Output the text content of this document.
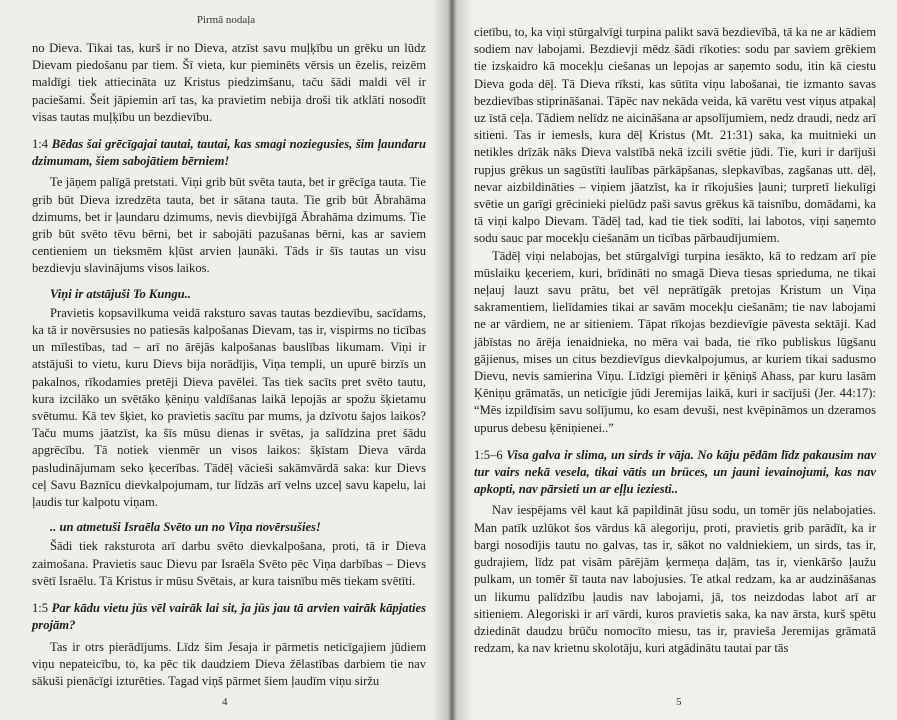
Pirmā nodaļa

no Dieva. Tikai tas, kurš ir no Dieva, atzīst savu muļķību un grēku un lūdz Dievam piedošanu par tiem. Šī vieta, kur pieminēts vērsis un ēzelis, reizēm maldīgi tiek attiecināta uz Kristus piedzimšanu, taču šādi maldi vēl ir paciešami. Šeit jāpiemin arī tas, ka pravietim nebija droši tik atklāti nosodīt visas tautas muļķību un bezdievību.

1:4 Bēdas šai grēcīgajai tautai, tautai, kas smagi noziegusies, šim ļaundaru dzimumam, šiem sabojātiem bērniem!

Te jāņem palīgā pretstati. Viņi grib būt svēta tauta, bet ir grēcīga tauta. Tie grib būt Dieva izredzēta tauta, bet ir sātana tauta. Tie grib būt Ābrahāma dzimums, bet ir ļaundaru dzimums, nevis dievbijīgā Ābrahāma dzimums. Tie grib būt svēto tēvu bērni, bet ir sabojāti pazušanas bērni, kas ar saviem centieniem un tieksmēm kļūst arvien ļaunāki. Tāds ir šīs tautas un visu bezdievju slavinājums visos laikos.

Viņi ir atstājuši To Kungu..

Pravietis kopsavilkuma veidā raksturo savas tautas bezdievību, sacīdams, ka tā ir novērsusies no patiesās kalpošanas Dievam, tas ir, vispirms no ticības un mīlestības, tad – arī no ārējās kalpošanas bauslības likumam. Viņi ir atstājuši to vietu, kuru Dievs bija norādījis, Viņa templi, un upurē birzīs un pakalnos, rīkodamies pretēji Dieva pavēlei. Tas tiek sacīts pret svēto tautu, kura izcilāko un svētāko ķēniņu valdīšanas laikā lepojās ar spožu šķietamu svētumu. Kā tev šķiet, ko pravietis sacītu par mums, ja dzīvotu šajos laikos? Taču mums jāatzīst, ka šīs mūsu dienas ir svētas, ja salīdzina pret šādu apgrēcību. Tā notiek vienmēr un visos laikos: šķīstam Dieva vārda pasludinājumam seko ķecerības. Tādēļ vācieši sakāmvārdā saka: kur Dievs ceļ Savu Baznīcu dievkalpojumam, tur līdzās arī velns uzceļ savu kapelu, lai ļaudis tur kalpotu viņam.

.. un atmetuši Israēla Svēto un no Viņa novērsušies!

Šādi tiek raksturota arī darbu svēto dievkalpošana, proti, tā ir Dieva zaimošana. Pravietis sauc Dievu par Israēla Svēto pēc Viņa darbības – Dievs svētī Israēlu. Tā Kristus ir mūsu Svētais, ar kura taisnību mēs tiekam svētīti.

1:5 Par kādu vietu jūs vēl vairāk lai sit, ja jūs jau tā arvien vairāk kāpjaties projām?

Tas ir otrs pierādījums. Līdz šim Jesaja ir pārmetis neticīgajiem jūdiem viņu nepateicību, to, ka pēc tik daudziem Dieva žēlastības darbiem tie nav sākuši pienācīgi izturēties. Tagad viņš pārmet šiem ļaudīm viņu siržu

4

cietību, to, ka viņi stūrgalvīgi turpina palikt savā bezdievībā, tā ka ne ar kādiem sodiem nav labojami. Bezdievji mēdz šādi rīkoties: sodu par saviem grēkiem tie izskaidro kā mocekļu ciešanas un lepojas ar saņemto sodu, itin kā ciestu Dieva goda dēļ. Tā Dieva rīksti, kas sūtīta viņu labošanai, tie izmanto savas bezdievības stiprināšanai. Tāpēc nav nekāda veida, kā varētu vest viņus atpakaļ uz īstā ceļa. Tādiem nelīdz ne aicināšana ar apsolījumiem, nedz draudi, nedz arī sitieni. Tas ir iemesls, kura dēļ Kristus (Mt. 21:31) saka, ka muitnieki un netikles drīzāk nāks Dieva valstībā nekā izcili svētie jūdi. Tie, kuri ir darījuši rupjus grēkus un sagūstīti laulības pārkāpšanas, slepkavības, zagšanas utt. dēļ, nevar aizbildināties – viņiem jāatzīst, ka ir rīkojušies ļauni; turpretī liekulīgi svētie un garīgi grēcinieki pielūdz paši savus grēkus kā taisnību, domādami, ka tā viņi kalpo Dievam. Tādēļ tad, kad tie tiek sodīti, lai labotos, viņi saņemto sodu sauc par mocekļu ciešanām un ticības pārbaudījumiem.

Tādēļ viņi nelabojas, bet stūrgalvīgi turpina iesākto, kā to redzam arī pie mūslaiku ķeceriem, kuri, brīdināti no smagā Dieva tiesas sprieduma, ne tikai neļauj lauzt savu prātu, bet vēl neprātīgāk pretojas Kristum un Viņa sakramentiem, lielīdamies tikai ar savām mocekļu ciešanām; tie nav labojami ne ar vārdiem, ne ar sitieniem. Tāpat rīkojas bezdievīgie pāvesta sektāji. Kad jābīstas no ārēja ienaidnieka, no mēra vai bada, tie rīko publiskus lūgšanu gājienus, mises un citus bezdievīgus dievkalpojumus, ar kuriem tikai sadusmo Dievu, nevis samierina Viņu. Līdzīgi piemēri ir ķēniņš Ahass, par kuru lasām Ķēniņu grāmatās, un neticīgie jūdi Jeremijas laikā, kuri ir sacījuši (Jer. 44:17): “Mēs izpildīsim savu solījumu, ko esam devuši, nest kvēpināmos un dzeramos upurus debesu ķēniņienei..”

1:5–6 Visa galva ir slima, un sirds ir vāja. No kāju pēdām līdz pakausim nav tur vairs nekā vesela, tikai vātis un brūces, un jauni ievainojumi, kas nav apkopti, nav pārsieti un ar eļļu ieziesti..

Nav iespējams vēl kaut kā papildināt jūsu sodu, un tomēr jūs nelabojaties. Man patīk uzlūkot šos vārdus kā alegoriju, proti, pravietis grib parādīt, ka ir bargi nosodījis tautu no galvas, tas ir, sākot no valdniekiem, un sirds, tas ir, gudrajiem, līdz pat visām pārējām ķermeņa daļām, tas ir, vienkāršo ļaužu pulkam, un tomēr šī tauta nav labojusies. Te atkal redzam, ka ar audzināšanas un likumu palīdzību ļaudis nav labojami, jā, tos neizdodas labot arī ar sitieniem. Alegoriski ir arī vārdi, kuros pravietis saka, ka nav ārsta, kurš spētu dziedināt daudzu brūču nomocīto miesu, tas ir, pravieša Jeremijas grāmatā redzam, ka nav krietnu skolotāju, kuri atgādinātu tautai par tās

5
